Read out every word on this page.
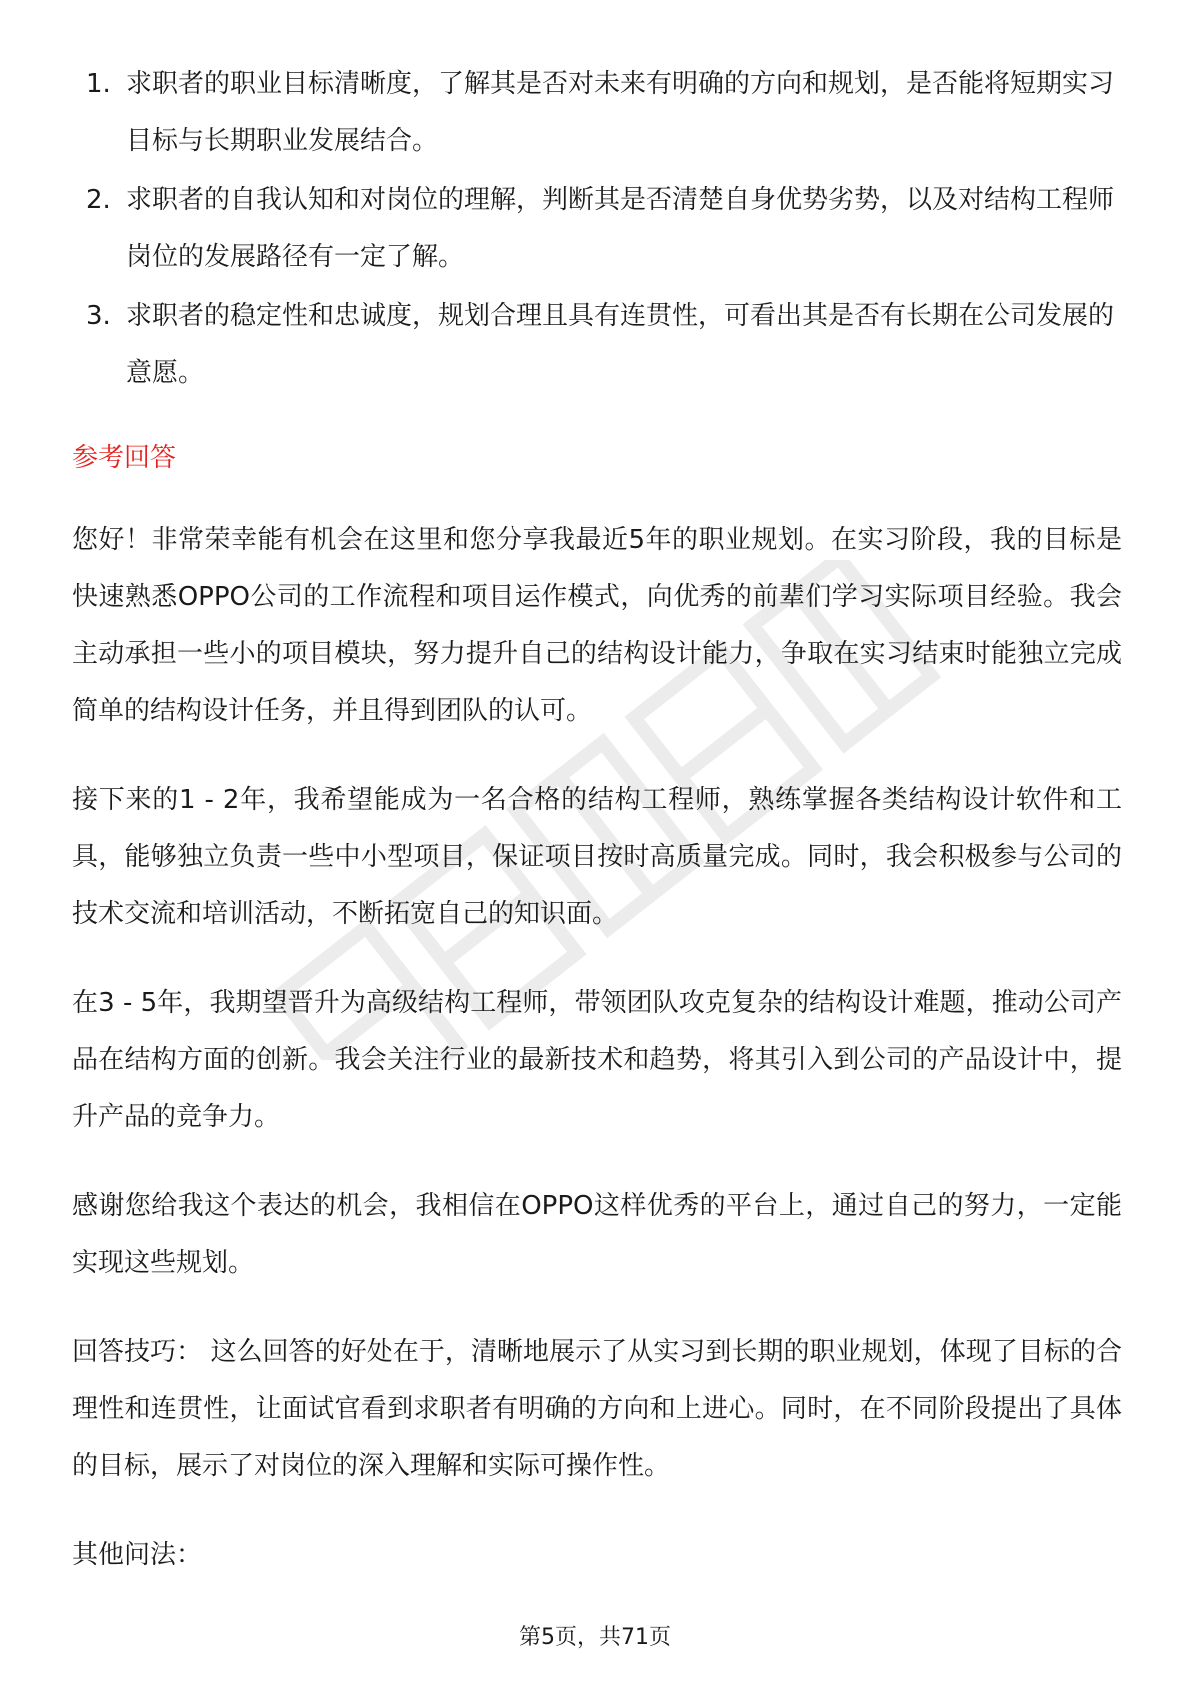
1. 求职者的职业目标清晰度，了解其是否对未来有明确的方向和规划，是否能将短期实习目标与长期职业发展结合。
2. 求职者的自我认知和对岗位的理解，判断其是否清楚自身优势劣势，以及对结构工程师岗位的发展路径有一定了解。
3. 求职者的稳定性和忠诚度，规划合理且具有连贯性，可看出其是否有长期在公司发展的意愿。
参考回答

您好！非常荣幸能有机会在这里和您分享我最近5年的职业规划。在实习阶段，我的目标是快速熟悉OPPO公司的工作流程和项目运作模式，向优秀的前辈们学习实际项目经验。我会主动承担一些小的项目模块，努力提升自己的结构设计能力，争取在实习结束时能独立完成简单的结构设计任务，并且得到团队的认可。

接下来的1 - 2年，我希望能成为一名合格的结构工程师，熟练掌握各类结构设计软件和工具，能够独立负责一些中小型项目，保证项目按时高质量完成。同时，我会积极参与公司的技术交流和培训活动，不断拓宽自己的知识面。

在3 - 5年，我期望晋升为高级结构工程师，带领团队攻克复杂的结构设计难题，推动公司产品在结构方面的创新。我会关注行业的最新技术和趋势，将其引入到公司的产品设计中，提升产品的竞争力。

感谢您给我这个表达的机会，我相信在OPPO这样优秀的平台上，通过自己的努力，一定能实现这些规划。

回答技巧： 这么回答的好处在于，清晰地展示了从实习到长期的职业规划，体现了目标的合理性和连贯性，让面试官看到求职者有明确的方向和上进心。同时，在不同阶段提出了具体的目标，展示了对岗位的深入理解和实际可操作性。

其他问法：

第5页，共71页
